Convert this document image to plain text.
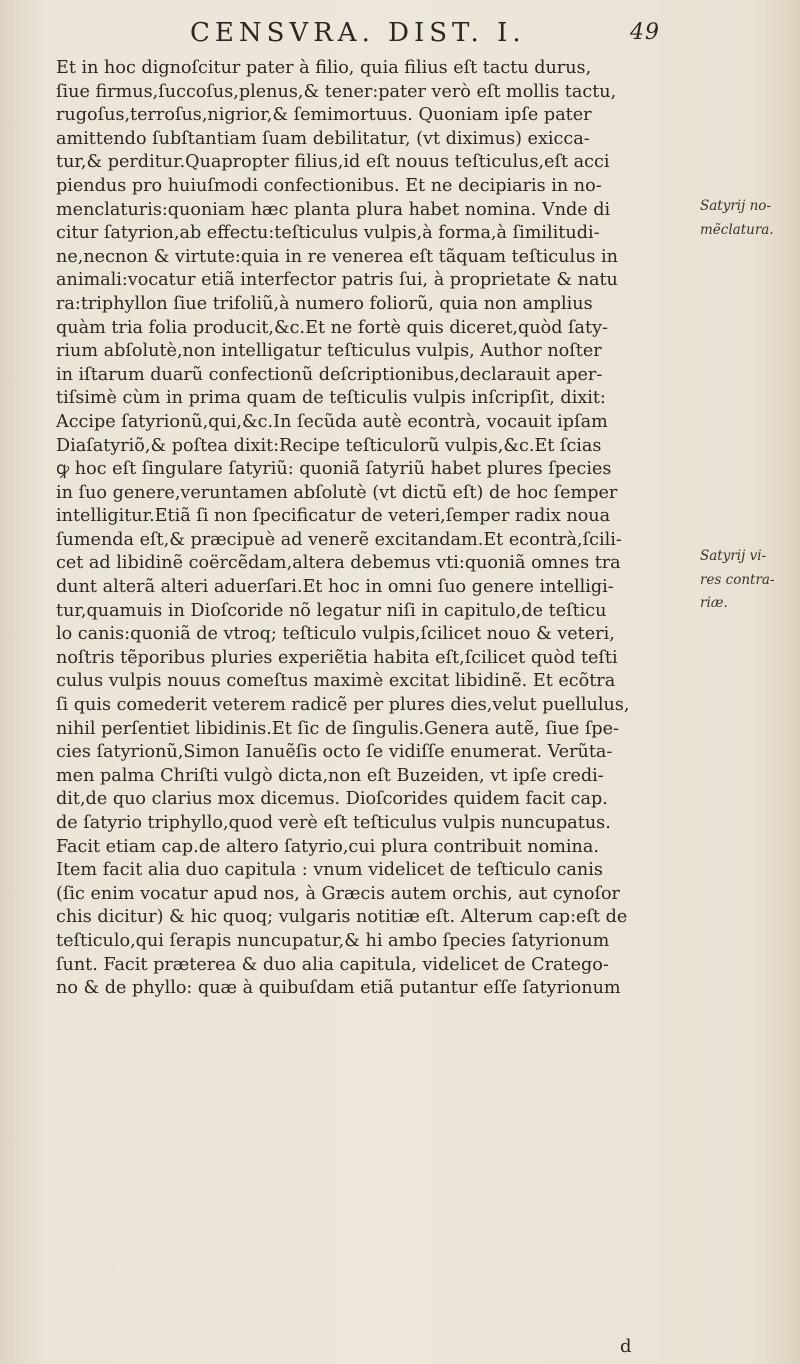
CENSVRA. DIST. I.	49
Et in hoc dignoſcitur pater à filio, quia filius eſt tactu durus,
ſiue firmus,ſuccoſus,plenus,& tener:pater verò eſt mollis tactu,
rugoſus,terroſus,nigrior,& ſemimortuus. Quoniam ipſe pater
amittendo ſubſtantiam ſuam debilitatur, (vt diximus) exicca-
tur,& perditur.Quapropter filius,id eſt nouus teſticulus,eſt acci
piendus pro huiuſmodi confectionibus. Et ne decipiaris in no-
menclaturis:quoniam hæc planta plura habet nomina. Vnde di
citur ſatyrion,ab effectu:teſticulus vulpis,à forma,à ſimilitudi-
ne,necnon & virtute:quia in re venerea eſt tãquam teſticulus in
animali:vocatur etiã interfector patris ſui, à proprietate & natu
ra:triphyllon ſiue trifoliũ,à numero foliorũ, quia non amplius
quàm tria folia producit,&c.Et ne fortè quis diceret,quòd ſaty-
rium abſolutè,non intelligatur teſticulus vulpis, Author noſter
in iſtarum duarũ confectionũ deſcriptionibus,declarauit aper-
tiſsimè cùm in prima quam de teſticulis vulpis inſcripſit, dixit:
Accipe ſatyrionũ,qui,&c.In ſecũda autè econtrà, vocauit ipſam
Diaſatyriõ,& poſtea dixit:Recipe teſticulorũ vulpis,&c.Et ſcias
ꝙ hoc eſt ſingulare ſatyriũ: quoniã ſatyriũ habet plures ſpecies
in ſuo genere,veruntamen abſolutè (vt dictũ eſt) de hoc ſemper
intelligitur.Etiã ſi non ſpecificatur de veteri,ſemper radix noua
ſumenda eſt,& præcipuè ad venerẽ excitandam.Et econtrà,ſcili-
cet ad libidinẽ coërcẽdam,altera debemus vti:quoniã omnes tra
dunt alterã alteri aduerſari.Et hoc in omni ſuo genere intelligi-
tur,quamuis in Dioſcoride nõ legatur niſi in capitulo,de teſticu
lo canis:quoniã de vtroq; teſticulo vulpis,ſcilicet nouo & veteri,
noſtris tẽporibus pluries experiẽtia habita eſt,ſcilicet quòd teſti
culus vulpis nouus comeſtus maximè excitat libidinẽ. Et ecõtra
ſi quis comederit veterem radicẽ per plures dies,velut puellulus,
nihil perſentiet libidinis.Et ſic de ſingulis.Genera autẽ, ſiue ſpe-
cies ſatyrionũ,Simon Ianuẽſis octo ſe vidiſſe enumerat. Verũta-
men palma Chriſti vulgò dicta,non eſt Buzeiden, vt ipſe credi-
dit,de quo clarius mox dicemus. Dioſcorides quidem facit cap.
de ſatyrio triphyllo,quod verè eſt teſticulus vulpis nuncupatus.
Facit etiam cap.de altero ſatyrio,cui plura contribuit nomina.
Item facit alia duo capitula : vnum videlicet de teſticulo canis
(ſic enim vocatur apud nos, à Græcis autem orchis, aut cynoſor
chis dicitur) & hic quoq; vulgaris notitiæ eſt. Alterum cap:eſt de
teſticulo,qui ſerapis nuncupatur,& hi ambo ſpecies ſatyrionum
ſunt. Facit præterea & duo alia capitula, videlicet de Cratego-
no & de phyllo: quæ à quibuſdam etiã putantur eſſe ſatyrionum
Satyrij no-
mẽclatura.
Satyrij vi-
res contra-
riæ.
d
